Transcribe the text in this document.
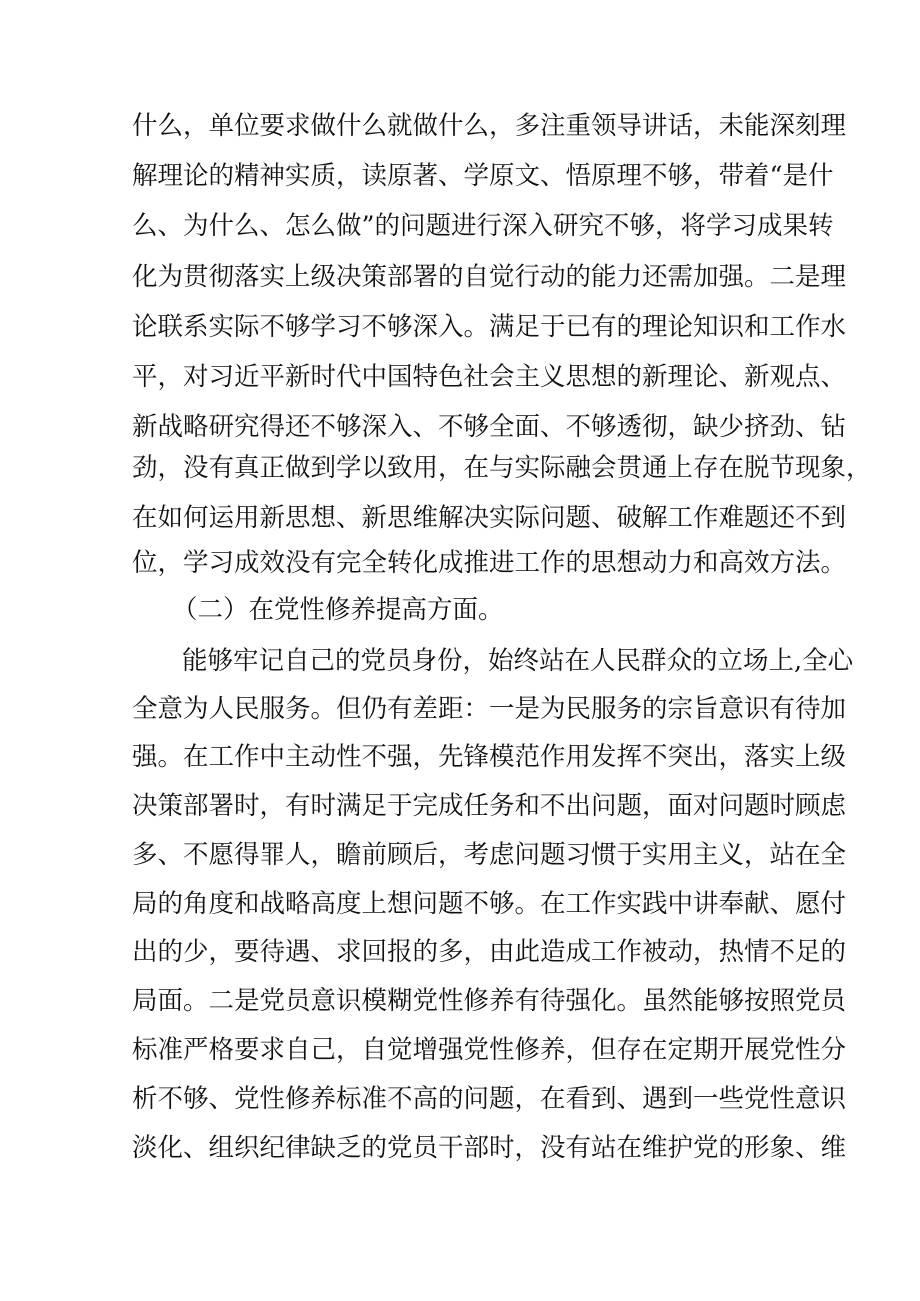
什么，单位要求做什么就做什么，多注重领导讲话，未能深刻理
解理论的精神实质，读原著、学原文、悟原理不够，带着“是什
么、为什么、怎么做”的问题进行深入研究不够，将学习成果转
化为贯彻落实上级决策部署的自觉行动的能力还需加强。二是理
论联系实际不够学习不够深入。满足于已有的理论知识和工作水
平，对习近平新时代中国特色社会主义思想的新理论、新观点、
新战略研究得还不够深入、不够全面、不够透彻，缺少挤劲、钻
劲，没有真正做到学以致用，在与实际融会贯通上存在脱节现象，
在如何运用新思想、新思维解决实际问题、破解工作难题还不到
位，学习成效没有完全转化成推进工作的思想动力和高效方法。
（二）在党性修养提高方面。
能够牢记自己的党员身份，始终站在人民群众的立场上,全心
全意为人民服务。但仍有差距：一是为民服务的宗旨意识有待加
强。在工作中主动性不强，先锋模范作用发挥不突出，落实上级
决策部署时，有时满足于完成任务和不出问题，面对问题时顾虑
多、不愿得罪人，瞻前顾后，考虑问题习惯于实用主义，站在全
局的角度和战略高度上想问题不够。在工作实践中讲奉献、愿付
出的少，要待遇、求回报的多，由此造成工作被动，热情不足的
局面。二是党员意识模糊党性修养有待强化。虽然能够按照党员
标准严格要求自己，自觉增强党性修养，但存在定期开展党性分
析不够、党性修养标准不高的问题，在看到、遇到一些党性意识
淡化、组织纪律缺乏的党员干部时，没有站在维护党的形象、维
